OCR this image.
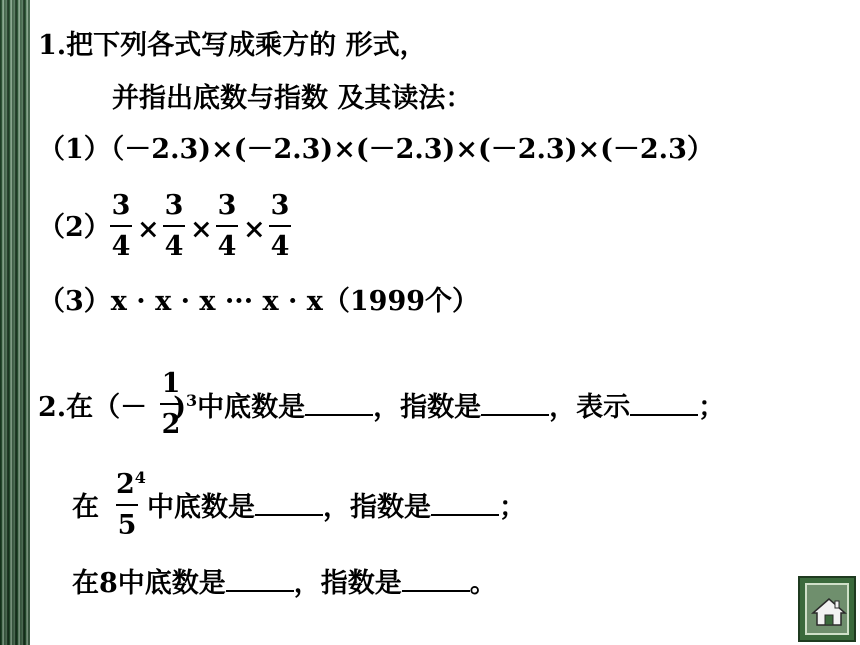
1.把下列各式写成乘方的 形式，
并指出底数与指数 及其读法：
（1）（－2.3)×(－2.3)×(－2.3)×(－2.3)×(－2.3）
（2）
3
4
×
3
4
×
3
4
×
3
4
（3）x · x · x ··· x · x（1999个）
2.在（－ )$^3$中底数是	，指数是	，表示	；
1
2
在 中底数是	，指数是	；
$2^4$
5
在8中底数是	，指数是	。
